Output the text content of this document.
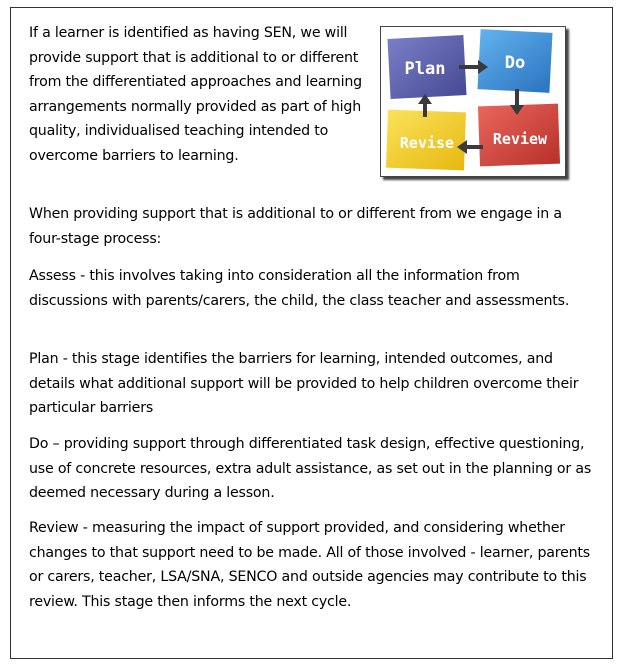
If a learner is identified as having SEN, we will provide support that is additional to or different from the differentiated approaches and learning arrangements normally provided as part of high quality, individualised teaching intended to overcome barriers to learning.

Plan	Do
Revise	Review

When providing support that is additional to or different from we engage in a four-stage process:

Assess - this involves taking into consideration all the information from discussions with parents/carers, the child, the class teacher and assessments.

Plan - this stage identifies the barriers for learning, intended outcomes, and details what additional support will be provided to help children overcome their particular barriers

Do – providing support through differentiated task design, effective questioning, use of concrete resources, extra adult assistance, as set out in the planning or as deemed necessary during a lesson.

Review - measuring the impact of support provided, and considering whether changes to that support need to be made. All of those involved - learner, parents or carers, teacher, LSA/SNA, SENCO and outside agencies may contribute to this review. This stage then informs the next cycle.
